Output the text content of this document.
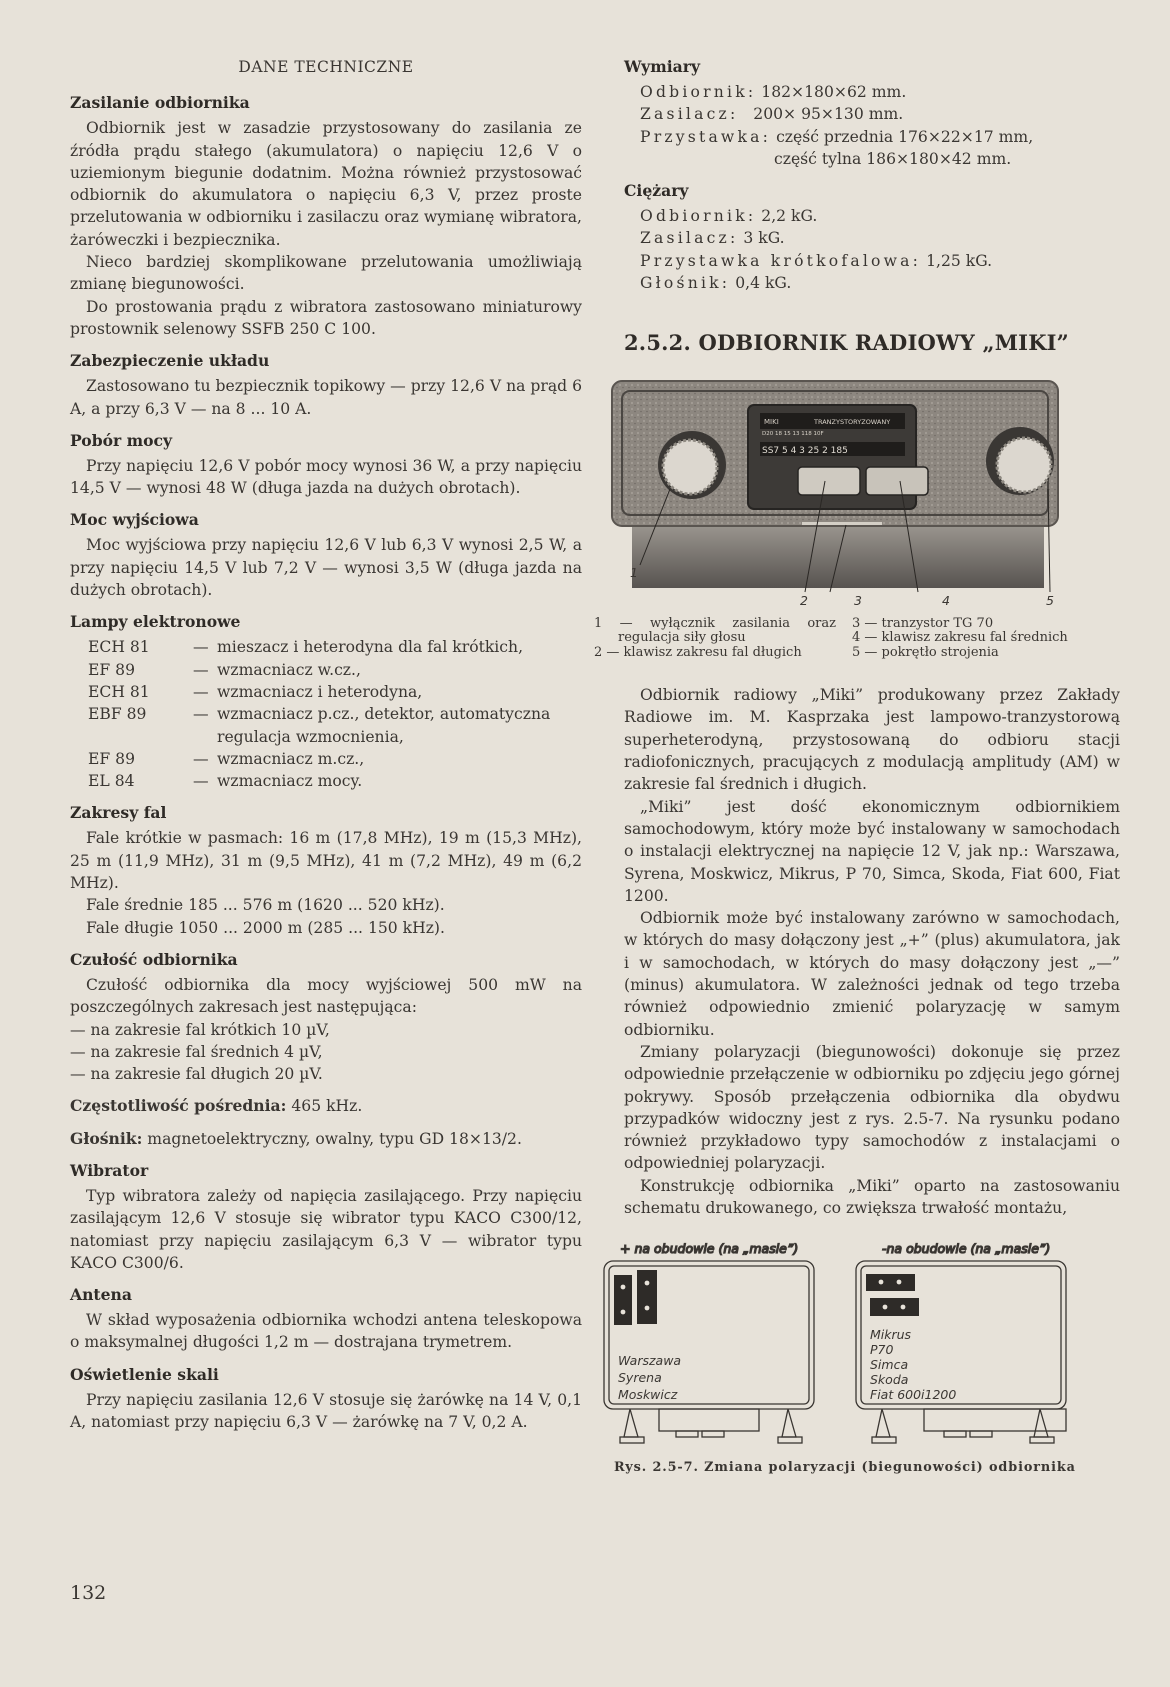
DANE TECHNICZNE
Zasilanie odbiornika

Odbiornik jest w zasadzie przystosowany do zasilania ze źródła prądu stałego (akumulatora) o napięciu 12,6 V o uziemionym biegunie dodatnim. Można również przystosować odbiornik do akumulatora o napięciu 6,3 V, przez proste przelutowania w odbiorniku i zasilaczu oraz wymianę wibratora, żaróweczki i bezpiecznika.

Nieco bardziej skomplikowane przelutowania umożliwiają zmianę biegunowości.

Do prostowania prądu z wibratora zastosowano miniaturowy prostownik selenowy SSFB 250 C 100.

Zabezpieczenie układu

Zastosowano tu bezpiecznik topikowy — przy 12,6 V na prąd 6 A, a przy 6,3 V — na 8 ... 10 A.

Pobór mocy

Przy napięciu 12,6 V pobór mocy wynosi 36 W, a przy napięciu 14,5 V — wynosi 48 W (długa jazda na dużych obrotach).

Moc wyjściowa

Moc wyjściowa przy napięciu 12,6 V lub 6,3 V wynosi 2,5 W, a przy napięciu 14,5 V lub 7,2 V — wynosi 3,5 W (długa jazda na dużych obrotach).

Lampy elektronowe
ECH 81	— mieszacz i heterodyna dla fal krótkich,
EF 89	— wzmacniacz w.cz.,
ECH 81	— wzmacniacz i heterodyna,
EBF 89	— wzmacniacz p.cz., detektor, automatyczna regulacja wzmocnienia,
EF 89	— wzmacniacz m.cz.,
EL 84	— wzmacniacz mocy.
Zakresy fal

Fale krótkie w pasmach: 16 m (17,8 MHz), 19 m (15,3 MHz), 25 m (11,9 MHz), 31 m (9,5 MHz), 41 m (7,2 MHz), 49 m (6,2 MHz).

Fale średnie 185 ... 576 m (1620 ... 520 kHz).

Fale długie 1050 ... 2000 m (285 ... 150 kHz).

Czułość odbiornika

Czułość odbiornika dla mocy wyjściowej 500 mW na poszczególnych zakresach jest następująca:

— na zakresie fal krótkich 10 µV,

— na zakresie fal średnich 4 µV,

— na zakresie fal długich 20 µV.

Częstotliwość pośrednia: 465 kHz.

Głośnik: magnetoelektryczny, owalny, typu GD 18×13/2.

Wibrator

Typ wibratora zależy od napięcia zasilającego. Przy napięciu zasilającym 12,6 V stosuje się wibrator typu KACO C300/12, natomiast przy napięciu zasilającym 6,3 V — wibrator typu KACO C300/6.

Antena

W skład wyposażenia odbiornika wchodzi antena teleskopowa o maksymalnej długości 1,2 m — dostrajana trymetrem.

Oświetlenie skali

Przy napięciu zasilania 12,6 V stosuje się żarówkę na 14 V, 0,1 A, natomiast przy napięciu 6,3 V — żarówkę na 7 V, 0,2 A.

Wymiary
Odbiornik: 182×180×62 mm.
Zasilacz: 200× 95×130 mm.
Przystawka: część przednia 176×22×17 mm,
część tylna 186×180×42 mm.
Ciężary
Odbiornik: 2,2 kG.
Zasilacz: 3 kG.
Przystawka krótkofalowa: 1,25 kG.
Głośnik: 0,4 kG.
2.5.2. ODBIORNIK RADIOWY „MIKI”
MIKI	TRANZYSTORYZOWANY
D20 18 15 13 118 10F
SS7 5 4 3 25 2 185
1
2	3	4	5
1 — wyłącznik zasilania oraz regulacja siły głosu
2 — klawisz zakresu fal długich
3 — tranzystor TG 70
4 — klawisz zakresu fal średnich
5 — pokrętło strojenia

Odbiornik radiowy „Miki” produkowany przez Zakłady Radiowe im. M. Kasprzaka jest lampowo-tranzystorową superheterodyną, przystosowaną do odbioru stacji radiofonicznych, pracujących z modulacją amplitudy (AM) w zakresie fal średnich i długich.

„Miki” jest dość ekonomicznym odbiornikiem samochodowym, który może być instalowany w samochodach o instalacji elektrycznej na napięcie 12 V, jak np.: Warszawa, Syrena, Moskwicz, Mikrus, P 70, Simca, Skoda, Fiat 600, Fiat 1200.

Odbiornik może być instalowany zarówno w samochodach, w których do masy dołączony jest „+” (plus) akumulatora, jak i w samochodach, w których do masy dołączony jest „—” (minus) akumulatora. W zależności jednak od tego trzeba również odpowiednio zmienić polaryzację w samym odbiorniku.

Zmiany polaryzacji (biegunowości) dokonuje się przez odpowiednie przełączenie w odbiorniku po zdjęciu jego górnej pokrywy. Sposób przełączenia odbiornika dla obydwu przypadków widoczny jest z rys. 2.5-7. Na rysunku podano również przykładowo typy samochodów z instalacjami o odpowiedniej polaryzacji.

Konstrukcję odbiornika „Miki” oparto na zastosowaniu schematu drukowanego, co zwiększa trwałość montażu,

+ na obudowie (na „masie”)	-na obudowie (na „masie”)
Warszawa
Syrena
Moskwicz
Mikrus
P70
Simca
Skoda
Fiat 600i1200
Rys. 2.5-7. Zmiana polaryzacji (biegunowości) odbiornika
132
